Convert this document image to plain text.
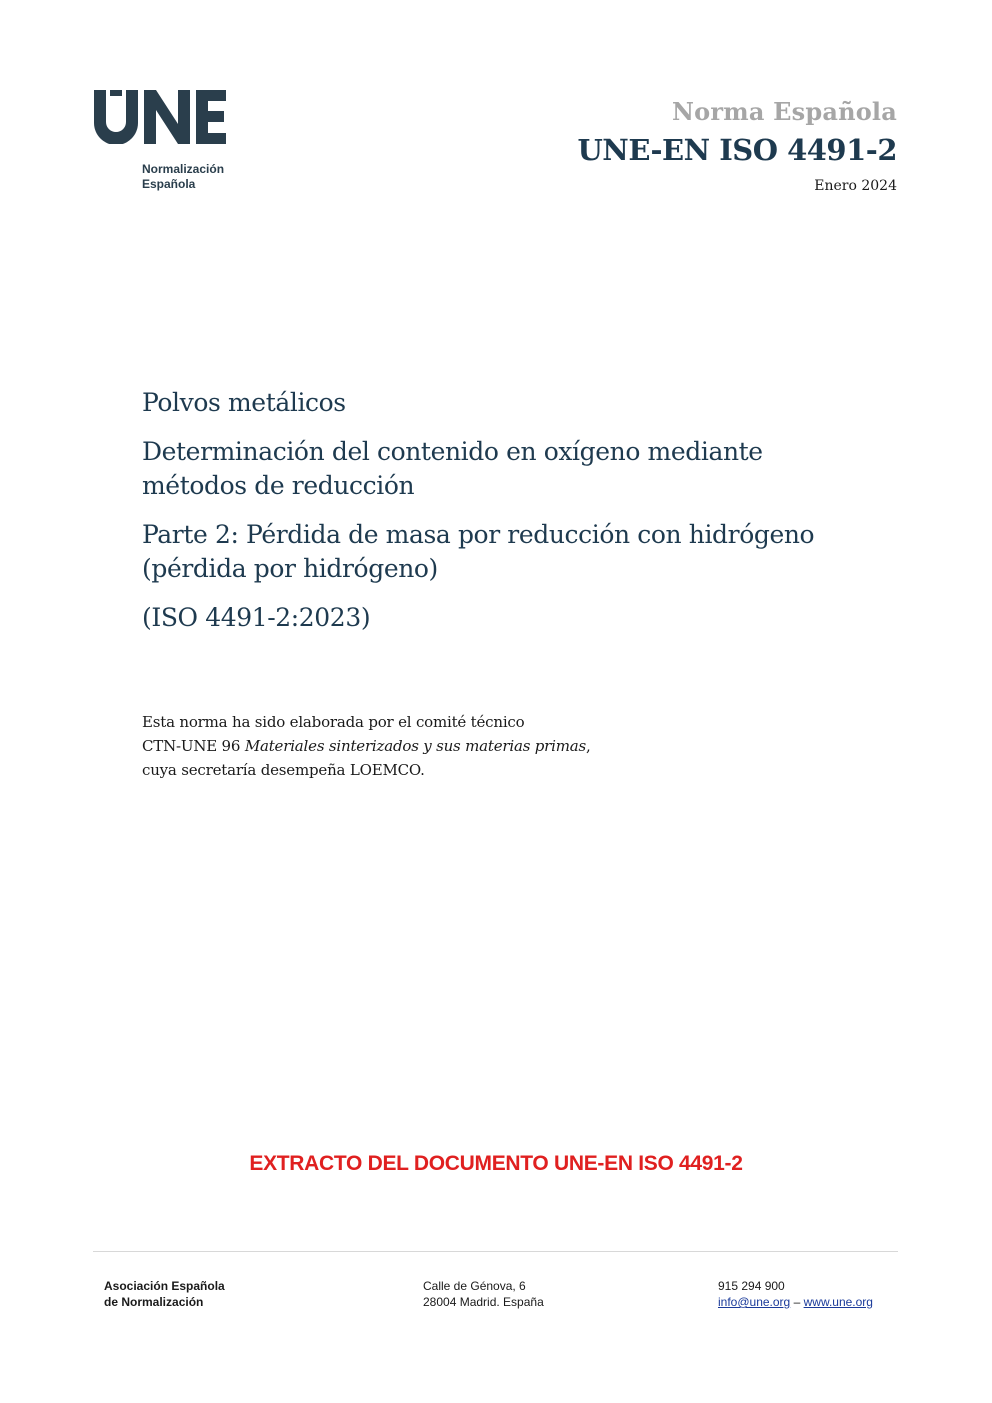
Normalización
Española
Norma Española
UNE-EN ISO 4491-2
Enero 2024

Polvos metálicos

Determinación del contenido en oxígeno mediante
métodos de reducción

Parte 2: Pérdida de masa por reducción con hidrógeno
(pérdida por hidrógeno)

(ISO 4491-2:2023)

Esta norma ha sido elaborada por el comité técnico
CTN-UNE 96 Materiales sinterizados y sus materias primas,
cuya secretaría desempeña LOEMCO.
EXTRACTO DEL DOCUMENTO UNE-EN ISO 4491-2
Asociación Española
de Normalización
Calle de Génova, 6
28004 Madrid. España
915 294 900
info@une.org – www.une.org
